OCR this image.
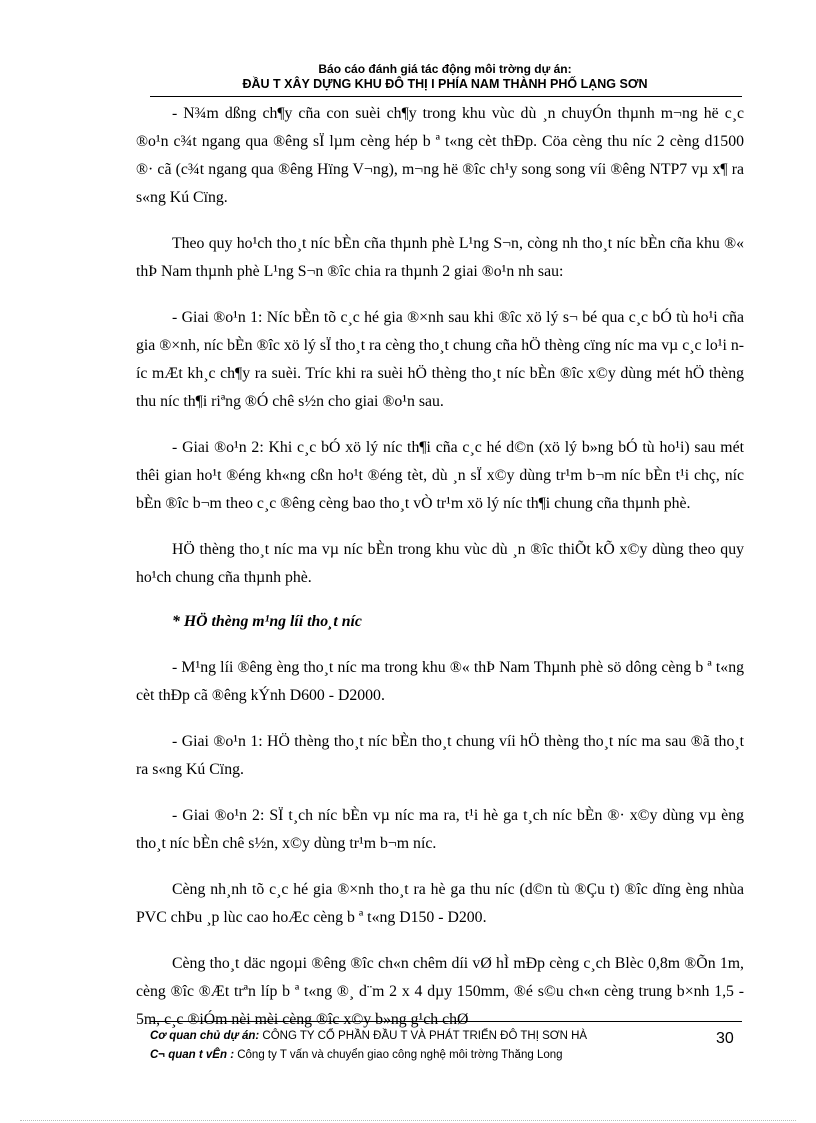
Báo cáo đánh giá tác động môi trờng dự án:
ĐẦU T XÂY DỰNG KHU ĐÔ THỊ I PHÍA NAM THÀNH PHỐ LẠNG SƠN

- N¾m dßng ch¶y cña con suèi ch¶y trong khu vùc dù ¸n chuyÓn thµnh m¬ng hë c¸c ®o¹n c¾t ngang qua ®êng sÏ lµm cèng hép b ª t«ng cèt thÐp. Cöa cèng thu níc 2 cèng d1500 ®· cã (c¾t ngang qua ®êng Hïng V¬ng), m¬ng hë ®îc ch¹y song song víi ®êng NTP7 vµ x¶ ra s«ng Kú Cïng.

Theo quy ho¹ch tho¸t níc bÈn cña thµnh phè L¹ng S¬n, còng nh tho¸t níc bÈn cña khu ®« thÞ Nam thµnh phè L¹ng S¬n ®îc chia ra thµnh 2 giai ®o¹n nh sau:

- Giai ®o¹n 1: Níc bÈn tõ c¸c hé gia ®×nh sau khi ®îc xö lý s¬ bé qua c¸c bÓ tù ho¹i cña gia ®×nh, níc bÈn ®îc xö lý sÏ tho¸t ra cèng tho¸t chung cña hÖ thèng cïng níc ma vµ c¸c lo¹i níc mÆt kh¸c ch¶y ra suèi. Tríc khi ra suèi hÖ thèng tho¸t níc bÈn ®îc x©y dùng mét hÖ thèng thu níc th¶i riªng ®Ó chê s½n cho giai ®o¹n sau.

- Giai ®o¹n 2: Khi c¸c bÓ xö lý níc th¶i cña c¸c hé d©n (xö lý b»ng bÓ tù ho¹i) sau mét thêi gian ho¹t ®éng kh«ng cßn ho¹t ®éng tèt, dù ¸n sÏ x©y dùng tr¹m b¬m níc bÈn t¹i chç, níc bÈn ®îc b¬m theo c¸c ®êng cèng bao tho¸t vÒ tr¹m xö lý níc th¶i chung cña thµnh phè.

HÖ thèng tho¸t níc ma vµ níc bÈn trong khu vùc dù ¸n ®îc thiÕt kÕ x©y dùng theo quy ho¹ch chung cña thµnh phè.

* HÖ thèng m¹ng líi tho¸t níc

- M¹ng líi ®êng èng tho¸t níc ma trong khu ®« thÞ Nam Thµnh phè sö dông cèng b ª t«ng cèt thÐp cã ®êng kÝnh D600 - D2000.

- Giai ®o¹n 1: HÖ thèng tho¸t níc bÈn tho¸t chung víi hÖ thèng tho¸t níc ma sau ®ã tho¸t ra s«ng Kú Cïng.

- Giai ®o¹n 2: SÏ t¸ch níc bÈn vµ níc ma ra, t¹i hè ga t¸ch níc bÈn ®· x©y dùng vµ èng tho¸t níc bÈn chê s½n, x©y dùng tr¹m b¬m níc.

Cèng nh¸nh tõ c¸c hé gia ®×nh tho¸t ra hè ga thu níc (d©n tù ®Çu t) ®îc dïng èng nhùa PVC chÞu ¸p lùc cao hoÆc cèng b ª t«ng D150 - D200.

Cèng tho¸t däc ngoµi ®êng ®îc ch«n chêm díi vØ hÌ mÐp cèng c¸ch Blèc 0,8m ®Õn 1m, cèng ®îc ®Æt trªn líp b ª t«ng ®¸ d¨m 2 x 4 dµy 150mm, ®é s©u ch«n cèng trung b×nh 1,5 - 5m, c¸c ®iÓm nèi mèi cèng ®îc x©y b»ng g¹ch chØ

Cơ quan chủ dự án: CÔNG TY CỔ PHẦN ĐẦU T VÀ PHÁT TRIỂN ĐÔ THỊ SƠN HÀ
C¬ quan t vÊn : Công ty T vấn và chuyển giao công nghệ môi trờng Thăng Long
30
